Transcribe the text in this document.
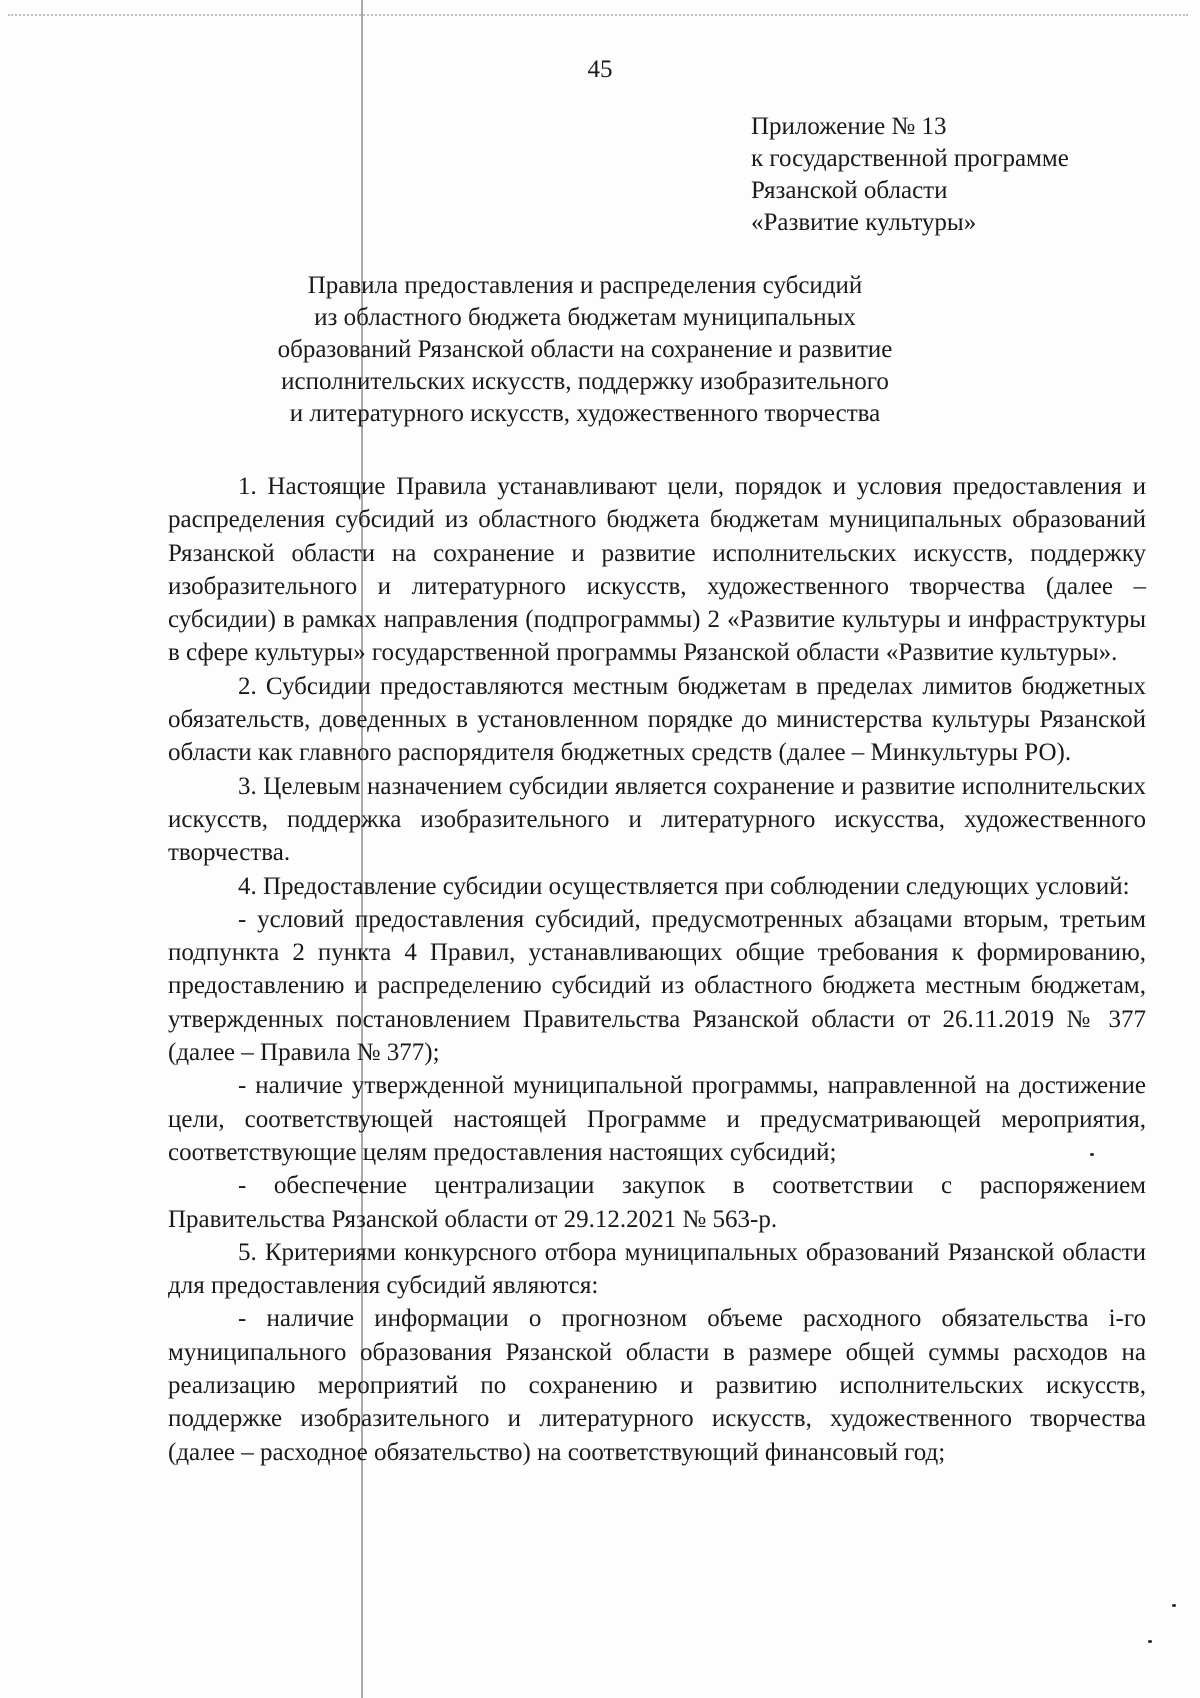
45
Приложение № 13
к государственной программе
Рязанской области
«Развитие культуры»
Правила предоставления и распределения субсидий
из областного бюджета бюджетам муниципальных
образований Рязанской области на сохранение и развитие
исполнительских искусств, поддержку изобразительного
и литературного искусств, художественного творчества

1. Настоящие Правила устанавливают цели, порядок и условия предоставления и распределения субсидий из областного бюджета бюджетам муниципальных образований Рязанской области на сохранение и развитие исполнительских искусств, поддержку изобразительного и литературного искусств, художественного творчества (далее – субсидии) в рамках направления (подпрограммы) 2 «Развитие культуры и инфраструктуры в сфере культуры» государственной программы Рязанской области «Развитие культуры».

2. Субсидии предоставляются местным бюджетам в пределах лимитов бюджетных обязательств, доведенных в установленном порядке до министерства культуры Рязанской области как главного распорядителя бюджетных средств (далее – Минкультуры РО).

3. Целевым назначением субсидии является сохранение и развитие исполнительских искусств, поддержка изобразительного и литературного искусства, художественного творчества.

4. Предоставление субсидии осуществляется при соблюдении следующих условий:

- условий предоставления субсидий, предусмотренных абзацами вторым, третьим подпункта 2 пункта 4 Правил, устанавливающих общие требования к формированию, предоставлению и распределению субсидий из областного бюджета местным бюджетам, утвержденных постановлением Правительства Рязанской области от 26.11.2019 № 377 (далее – Правила № 377);

- наличие утвержденной муниципальной программы, направленной на достижение цели, соответствующей настоящей Программе и предусматривающей мероприятия, соответствующие целям предоставления настоящих субсидий;

- обеспечение централизации закупок в соответствии с распоряжением Правительства Рязанской области от 29.12.2021 № 563-р.

5. Критериями конкурсного отбора муниципальных образований Рязанской области для предоставления субсидий являются:

- наличие информации о прогнозном объеме расходного обязательства i-го муниципального образования Рязанской области в размере общей суммы расходов на реализацию мероприятий по сохранению и развитию исполнительских искусств, поддержке изобразительного и литературного искусств, художественного творчества (далее – расходное обязательство) на соответствующий финансовый год;
